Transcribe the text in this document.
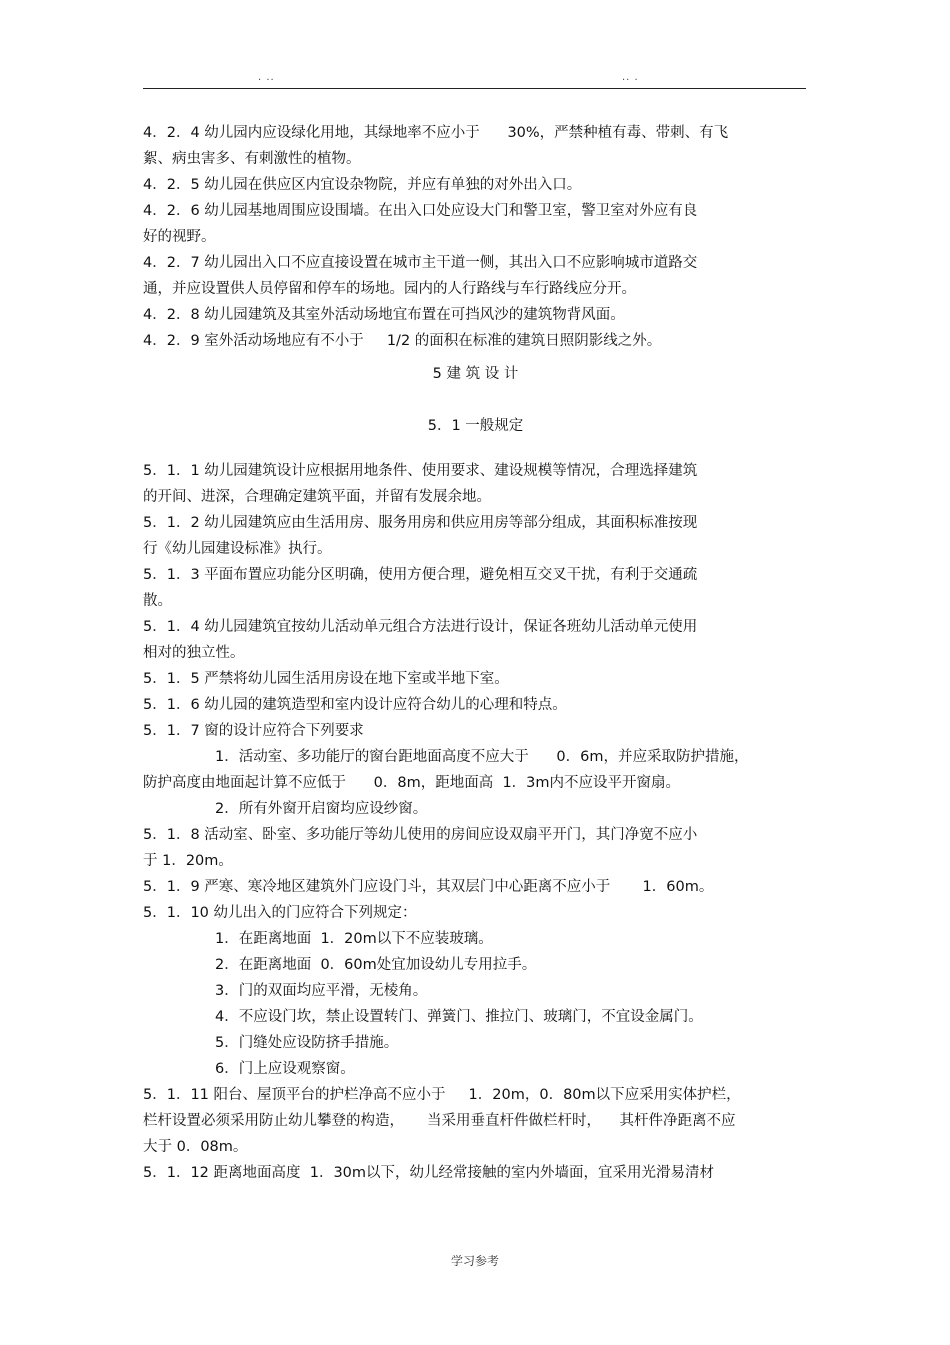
. ..	.. .
4．2．4 幼儿园内应设绿化用地，其绿地率不应小于      30%，严禁种植有毒、带刺、有飞
絮、病虫害多、有刺激性的植物。
4．2．5 幼儿园在供应区内宜设杂物院，并应有单独的对外出入口。
4．2．6 幼儿园基地周围应设围墙。在出入口处应设大门和警卫室，警卫室对外应有良
好的视野。
4．2．7 幼儿园出入口不应直接设置在城市主干道一侧，其出入口不应影响城市道路交
通，并应设置供人员停留和停车的场地。园内的人行路线与车行路线应分开。
4．2．8 幼儿园建筑及其室外活动场地宜布置在可挡风沙的建筑物背风面。
4．2．9 室外活动场地应有不小于     1/2 的面积在标准的建筑日照阴影线之外。
5 建 筑 设 计
5．1 一般规定
5．1．1 幼儿园建筑设计应根据用地条件、使用要求、建设规模等情况，合理选择建筑
的开间、进深，合理确定建筑平面，并留有发展余地。
5．1．2 幼儿园建筑应由生活用房、服务用房和供应用房等部分组成，其面积标准按现
行《幼儿园建设标准》执行。
5．1．3 平面布置应功能分区明确，使用方便合理，避免相互交叉干扰，有利于交通疏
散。
5．1．4 幼儿园建筑宜按幼儿活动单元组合方法进行设计，保证各班幼儿活动单元使用
相对的独立性。
5．1．5 严禁将幼儿园生活用房设在地下室或半地下室。
5．1．6 幼儿园的建筑造型和室内设计应符合幼儿的心理和特点。
5．1．7 窗的设计应符合下列要求
1．活动室、多功能厅的窗台距地面高度不应大于      0．6m，并应采取防护措施，
防护高度由地面起计算不应低于      0．8m，距地面高  1．3m内不应设平开窗扇。
2．所有外窗开启窗均应设纱窗。
5．1．8 活动室、卧室、多功能厅等幼儿使用的房间应设双扇平开门，其门净宽不应小
于 1．20m。
5．1．9 严寒、寒冷地区建筑外门应设门斗，其双层门中心距离不应小于       1．60m。
5．1．10 幼儿出入的门应符合下列规定：
1．在距离地面  1．20m以下不应装玻璃。
2．在距离地面  0．60m处宜加设幼儿专用拉手。
3．门的双面均应平滑，无棱角。
4．不应设门坎，禁止设置转门、弹簧门、推拉门、玻璃门，不宜设金属门。
5．门缝处应设防挤手措施。
6．门上应设观察窗。
5．1．11 阳台、屋顶平台的护栏净高不应小于     1．20m，0．80m以下应采用实体护栏，
栏杆设置必须采用防止幼儿攀登的构造，     当采用垂直杆件做栏杆时，    其杆件净距离不应
大于 0．08m。
5．1．12 距离地面高度  1．30m以下，幼儿经常接触的室内外墙面，宜采用光滑易清材
学习参考
